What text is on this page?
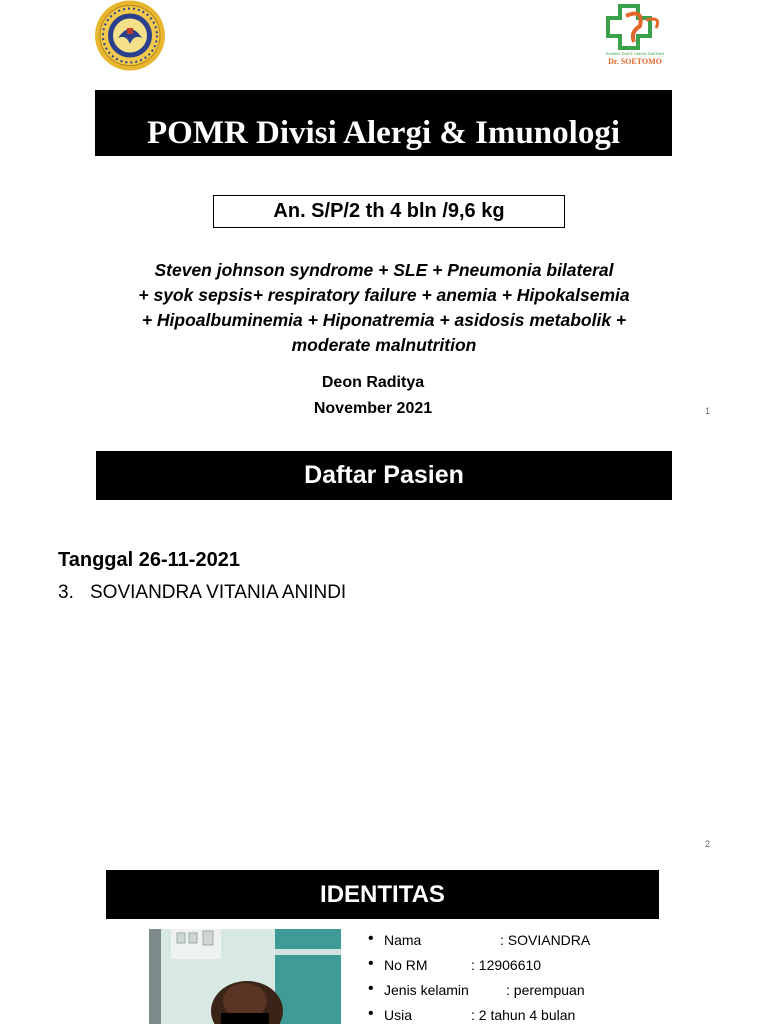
RUMAH SAKIT UMUM DAERAH
Dr. SOETOMO
POMR Divisi Alergi & Imunologi
An. S/P/2 th 4 bln /9,6 kg
Steven johnson syndrome + SLE + Pneumonia bilateral
+ syok sepsis+ respiratory failure + anemia + Hipokalsemia
+ Hipoalbuminemia + Hiponatremia + asidosis metabolik +
moderate malnutrition
Deon Raditya
November 2021	1
Daftar Pasien
Tanggal 26-11-2021
3. SOVIANDRA VITANIA ANINDI
2
IDENTITAS
• Nama	: SOVIANDRA
• No RM	: 12906610
• Jenis kelamin	: perempuan
• Usia	: 2 tahun 4 bulan
